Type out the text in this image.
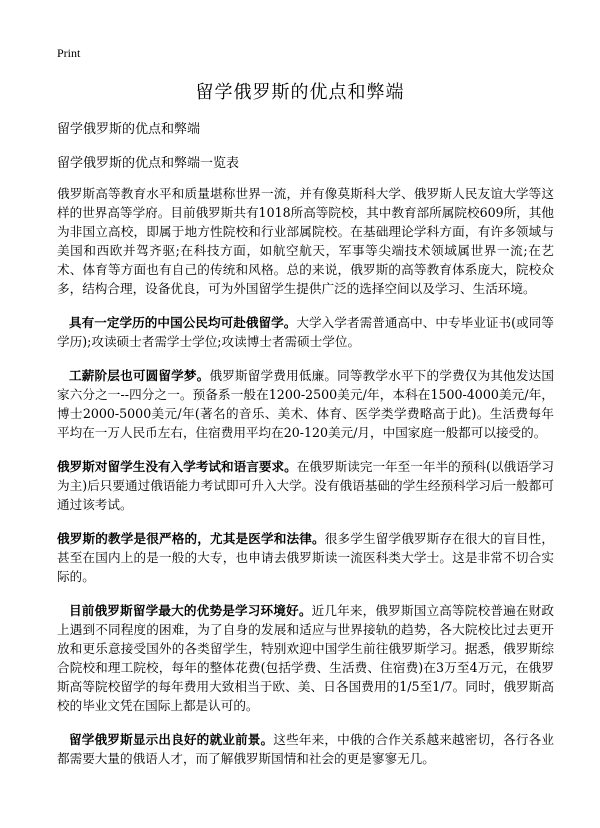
Print
留学俄罗斯的优点和弊端

留学俄罗斯的优点和弊端

留学俄罗斯的优点和弊端一览表

俄罗斯高等教育水平和质量堪称世界一流，并有像莫斯科大学、俄罗斯人民友谊大学等这样的世界高等学府。目前俄罗斯共有1018所高等院校，其中教育部所属院校609所，其他为非国立高校，即属于地方性院校和行业部属院校。在基础理论学科方面，有许多领域与美国和西欧并驾齐驱;在科技方面，如航空航天，军事等尖端技术领域属世界一流;在艺术、体育等方面也有自己的传统和风格。总的来说，俄罗斯的高等教育体系庞大，院校众多，结构合理，设备优良，可为外国留学生提供广泛的选择空间以及学习、生活环境。

具有一定学历的中国公民均可赴俄留学。大学入学者需普通高中、中专毕业证书(或同等学历);攻读硕士者需学士学位;攻读博士者需硕士学位。

工薪阶层也可圆留学梦。俄罗斯留学费用低廉。同等教学水平下的学费仅为其他发达国家六分之一--四分之一。预备系一般在1200-2500美元/年，本科在1500-4000美元/年，博士2000-5000美元/年(著名的音乐、美术、体育、医学类学费略高于此)。生活费每年平均在一万人民币左右，住宿费用平均在20-120美元/月，中国家庭一般都可以接受的。

俄罗斯对留学生没有入学考试和语言要求。在俄罗斯读完一年至一年半的预科(以俄语学习为主)后只要通过俄语能力考试即可升入大学。没有俄语基础的学生经预科学习后一般都可通过该考试。

俄罗斯的教学是很严格的，尤其是医学和法律。很多学生留学俄罗斯存在很大的盲目性，甚至在国内上的是一般的大专，也申请去俄罗斯读一流医科类大学士。这是非常不切合实际的。

目前俄罗斯留学最大的优势是学习环境好。近几年来，俄罗斯国立高等院校普遍在财政上遇到不同程度的困难，为了自身的发展和适应与世界接轨的趋势，各大院校比过去更开放和更乐意接受国外的各类留学生，特别欢迎中国学生前往俄罗斯学习。据悉，俄罗斯综合院校和理工院校，每年的整体花费(包括学费、生活费、住宿费)在3万至4万元，在俄罗斯高等院校留学的每年费用大致相当于欧、美、日各国费用的1/5至1/7。同时，俄罗斯高校的毕业文凭在国际上都是认可的。

留学俄罗斯显示出良好的就业前景。这些年来，中俄的合作关系越来越密切，各行各业都需要大量的俄语人才，而了解俄罗斯国情和社会的更是寥寥无几。
